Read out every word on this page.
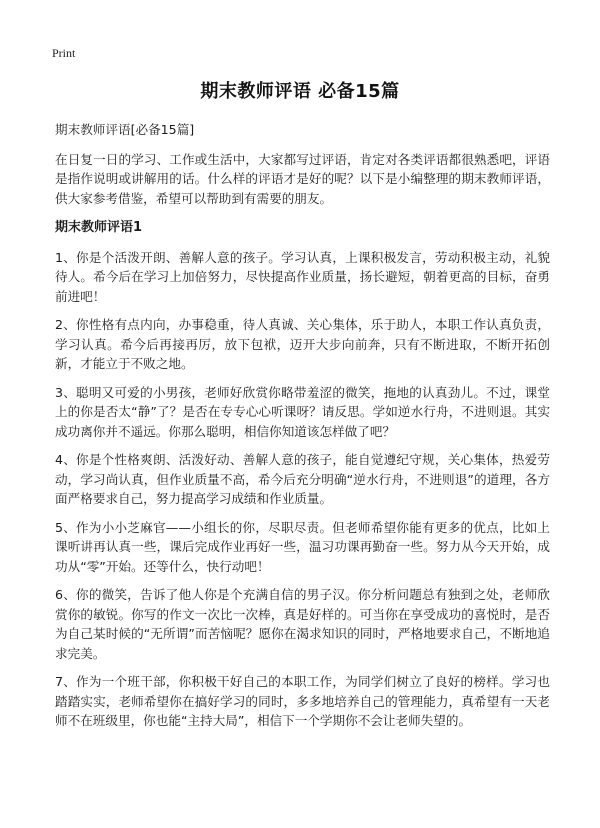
Print
期末教师评语 必备15篇

期末教师评语[必备15篇]

在日复一日的学习、工作或生活中，大家都写过评语，肯定对各类评语都很熟悉吧，评语是指作说明或讲解用的话。什么样的评语才是好的呢？以下是小编整理的期末教师评语，供大家参考借鉴，希望可以帮助到有需要的朋友。

期末教师评语1

1、你是个活泼开朗、善解人意的孩子。学习认真，上课积极发言，劳动积极主动，礼貌待人。希今后在学习上加倍努力，尽快提高作业质量，扬长避短，朝着更高的目标，奋勇前进吧！

2、你性格有点内向，办事稳重，待人真诚、关心集体，乐于助人，本职工作认真负责，学习认真。希今后再接再厉，放下包袱，迈开大步向前奔，只有不断进取，不断开拓创新，才能立于不败之地。

3、聪明又可爱的小男孩，老师好欣赏你略带羞涩的微笑，拖地的认真劲儿。不过，课堂上的你是否太“静”了？是否在专专心心听课呀？请反思。学如逆水行舟，不进则退。其实成功离你并不遥远。你那么聪明，相信你知道该怎样做了吧？

4、你是个性格爽朗、活泼好动、善解人意的孩子，能自觉遵纪守规，关心集体，热爱劳动，学习尚认真，但作业质量不高，希今后充分明确“逆水行舟，不进则退”的道理，各方面严格要求自己，努力提高学习成绩和作业质量。

5、作为小小芝麻官——小组长的你，尽职尽责。但老师希望你能有更多的优点，比如上课听讲再认真一些，课后完成作业再好一些，温习功课再勤奋一些。努力从今天开始，成功从“零”开始。还等什么，快行动吧！

6、你的微笑，告诉了他人你是个充满自信的男子汉。你分析问题总有独到之处，老师欣赏你的敏锐。你写的作文一次比一次棒，真是好样的。可当你在享受成功的喜悦时，是否为自己某时候的“无所谓”而苦恼呢？愿你在渴求知识的同时，严格地要求自己，不断地追求完美。

7、作为一个班干部，你积极干好自己的本职工作，为同学们树立了良好的榜样。学习也踏踏实实，老师希望你在搞好学习的同时，多多地培养自己的管理能力，真希望有一天老师不在班级里，你也能“主持大局”，相信下一个学期你不会让老师失望的。
